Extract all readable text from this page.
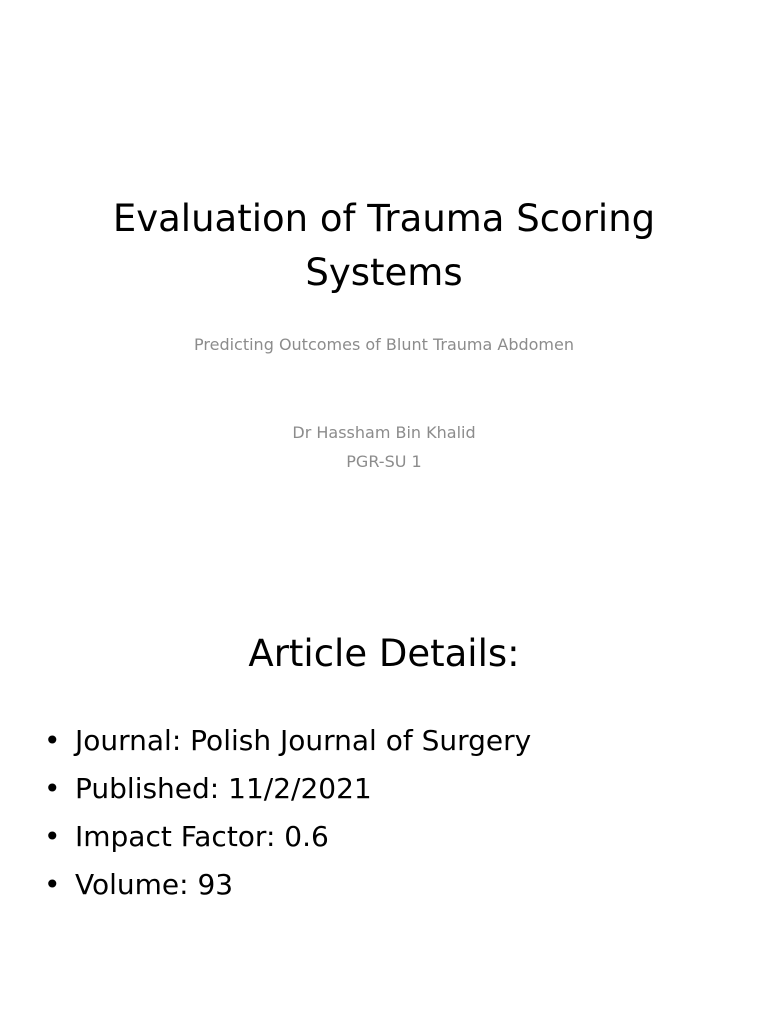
Evaluation of Trauma Scoring Systems
Predicting Outcomes of Blunt Trauma Abdomen
Dr Hassham Bin Khalid
PGR-SU 1
Article Details:
• Journal: Polish Journal of Surgery
• Published: 11/2/2021
• Impact Factor: 0.6
• Volume: 93
